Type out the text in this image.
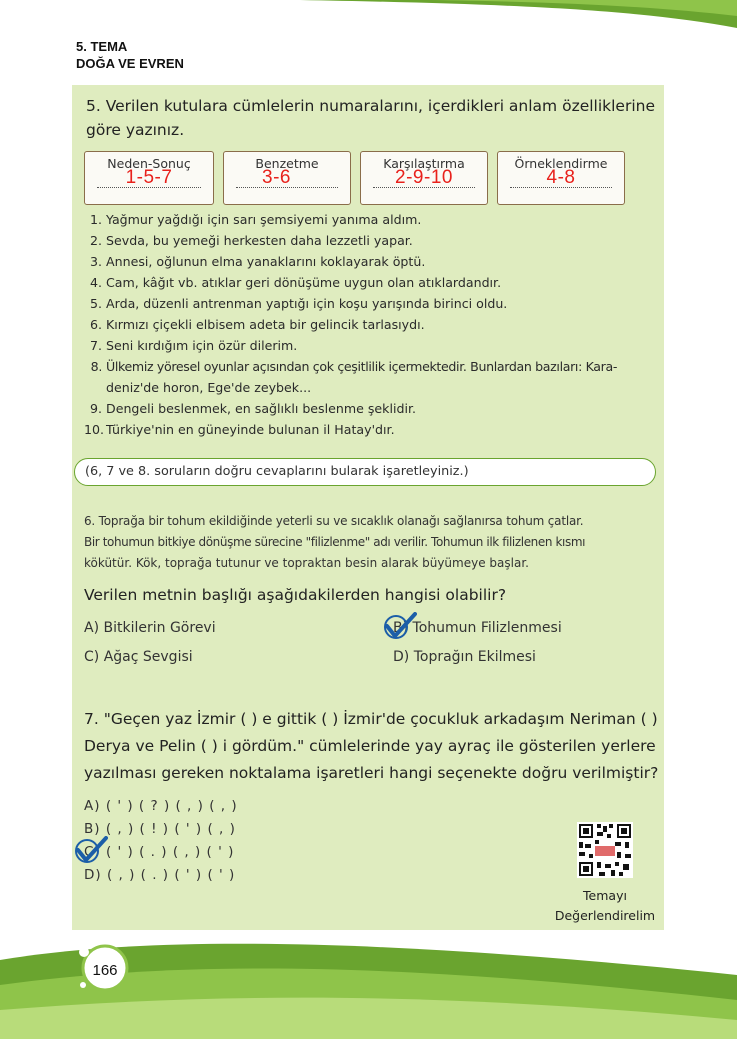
5. TEMA
DOĞA VE EVREN
5. Verilen kutulara cümlelerin numaralarını, içerdikleri anlam özelliklerine
göre yazınız.
Neden-Sonuç
1-5-7
Benzetme
3-6
Karşılaştırma
2-9-10
Örneklendirme
4-8
1. Yağmur yağdığı için sarı şemsiyemi yanıma aldım.
2. Sevda, bu yemeği herkesten daha lezzetli yapar.
3. Annesi, oğlunun elma yanaklarını koklayarak öptü.
4. Cam, kâğıt vb. atıklar geri dönüşüme uygun olan atıklardandır.
5. Arda, düzenli antrenman yaptığı için koşu yarışında birinci oldu.
6. Kırmızı çiçekli elbisem adeta bir gelincik tarlasıydı.
7. Seni kırdığım için özür dilerim.
8. Ülkemiz yöresel oyunlar açısından çok çeşitlilik içermektedir. Bunlardan bazıları: Kara-
deniz'de horon, Ege'de zeybek...
9. Dengeli beslenmek, en sağlıklı beslenme şeklidir.
10. Türkiye'nin en güneyinde bulunan il Hatay'dır.
(6, 7 ve 8. soruların doğru cevaplarını bularak işaretleyiniz.)
6. Toprağa bir tohum ekildiğinde yeterli su ve sıcaklık olanağı sağlanırsa tohum çatlar.
Bir tohumun bitkiye dönüşme sürecine "filizlenme" adı verilir. Tohumun ilk filizlenen kısmı
kökütür. Kök, toprağa tutunur ve topraktan besin alarak büyümeye başlar.
Verilen metnin başlığı aşağıdakilerden hangisi olabilir?
A) Bitkilerin Görevi	B) Tohumun Filizlenmesi
C) Ağaç Sevgisi	D) Toprağın Ekilmesi
7. "Geçen yaz İzmir ( ) e gittik ( ) İzmir'de çocukluk arkadaşım Neriman ( )
Derya ve Pelin ( ) i gördüm." cümlelerinde yay ayraç ile gösterilen yerlere
yazılması gereken noktalama işaretleri hangi seçenekte doğru verilmiştir?
A) ( ' ) ( ? ) ( , ) ( , )
B) ( , ) ( ! ) ( ' ) ( , )
C) ( ' ) ( . ) ( , ) ( ' )
D) ( , ) ( . ) ( ' ) ( ' )
Temayı
Değerlendirelim
166
